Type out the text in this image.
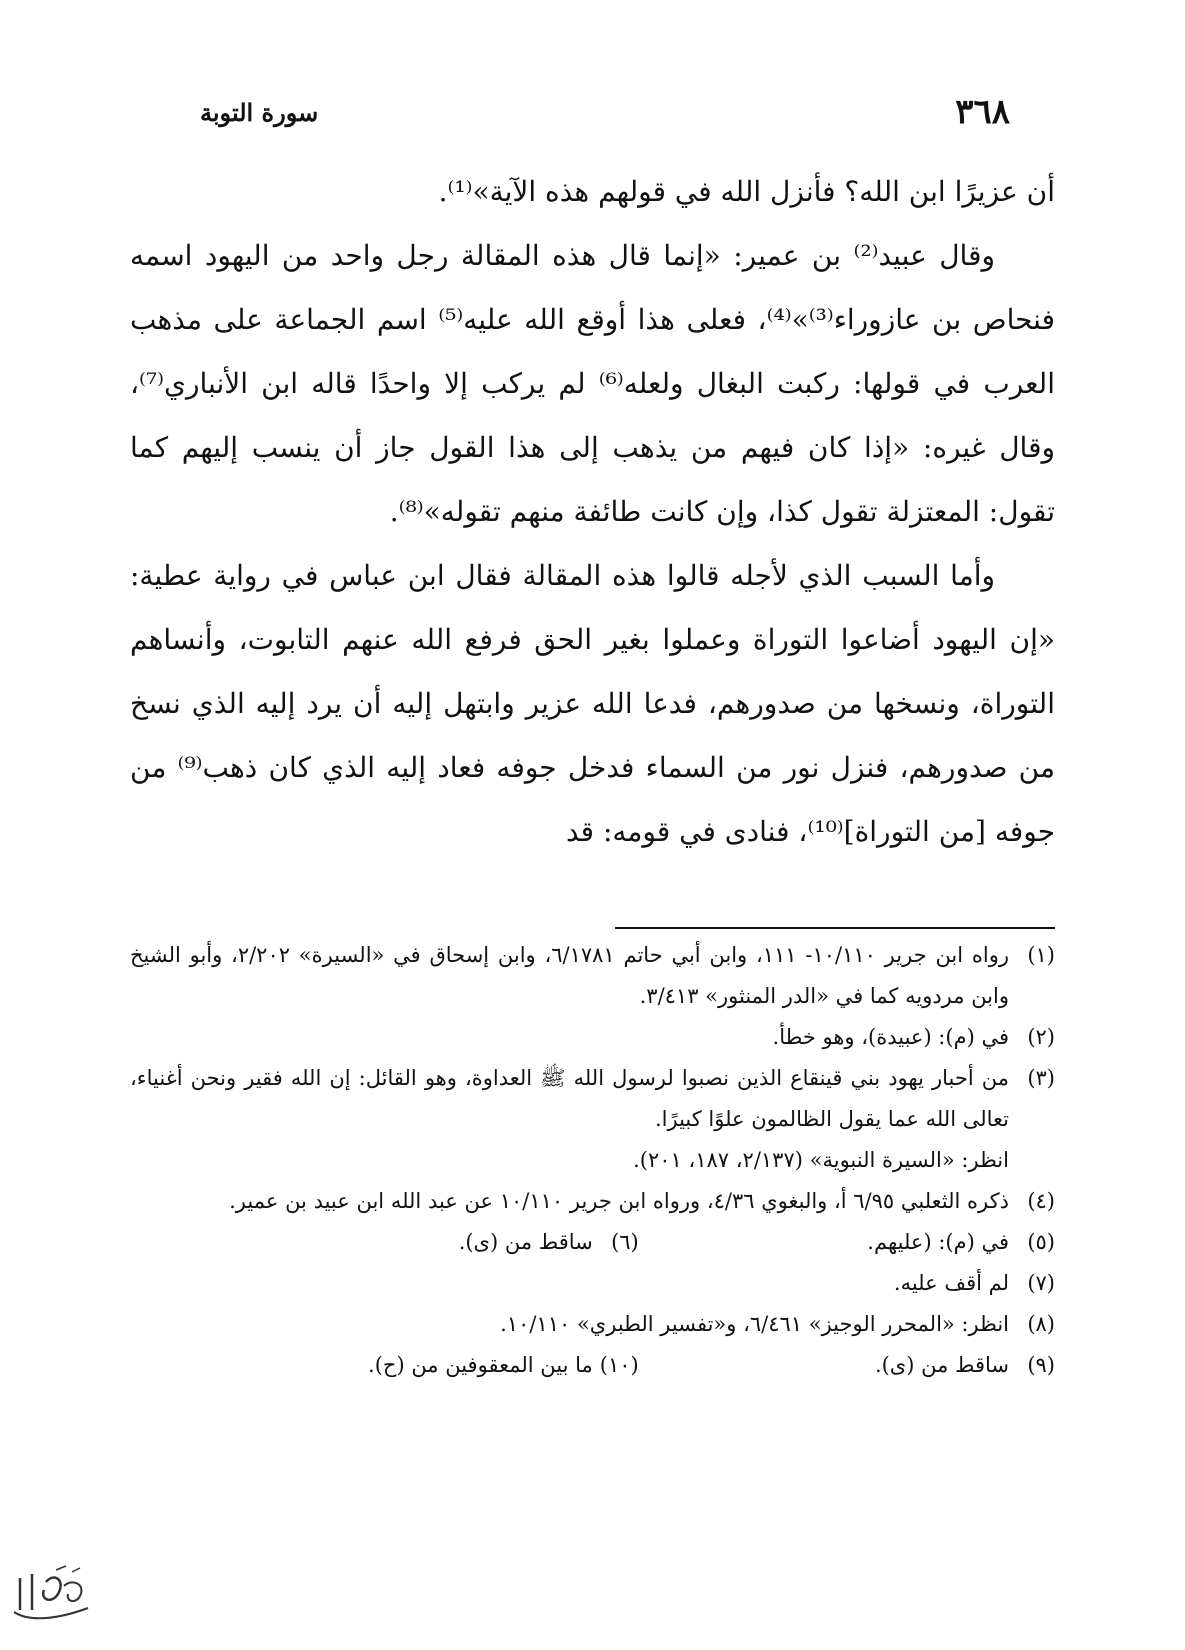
٣٦٨
سورة التوبة

أن عزيرًا ابن الله؟ فأنزل الله في قولهم هذه الآية»⁽¹⁾.

وقال عبيد⁽²⁾ بن عمير: «إنما قال هذه المقالة رجل واحد من اليهود اسمه فنحاص بن عازوراء⁽³⁾»⁽⁴⁾، فعلى هذا أوقع الله عليه⁽⁵⁾ اسم الجماعة على مذهب العرب في قولها: ركبت البغال ولعله⁽⁶⁾ لم يركب إلا واحدًا قاله ابن الأنباري⁽⁷⁾، وقال غيره: «إذا كان فيهم من يذهب إلى هذا القول جاز أن ينسب إليهم كما تقول: المعتزلة تقول كذا، وإن كانت طائفة منهم تقوله»⁽⁸⁾.

وأما السبب الذي لأجله قالوا هذه المقالة فقال ابن عباس في رواية عطية: «إن اليهود أضاعوا التوراة وعملوا بغير الحق فرفع الله عنهم التابوت، وأنساهم التوراة، ونسخها من صدورهم، فدعا الله عزير وابتهل إليه أن يرد إليه الذي نسخ من صدورهم، فنزل نور من السماء فدخل جوفه فعاد إليه الذي كان ذهب⁽⁹⁾ من جوفه [من التوراة]⁽¹⁰⁾، فنادى في قومه: قد

(١)

رواه ابن جرير ١٠/١١٠- ١١١، وابن أبي حاتم ٦/١٧٨١، وابن إسحاق في «السيرة» ٢/٢٠٢، وأبو الشيخ وابن مردويه كما في «الدر المنثور» ٣/٤١٣.

(٢)

في (م): (عبيدة)، وهو خطأ.

(٣)

من أحبار يهود بني قينقاع الذين نصبوا لرسول الله ﷺ العداوة، وهو القائل: إن الله فقير ونحن أغنياء، تعالى الله عما يقول الظالمون علوًا كبيرًا.

انظر: «السيرة النبوية» (٢/١٣٧، ١٨٧، ٢٠١).

(٤)

ذكره الثعلبي ٦/٩٥ أ، والبغوي ٤/٣٦، ورواه ابن جرير ١٠/١١٠ عن عبد الله ابن عبيد بن عمير.

(٥)
في (م): (عليهم.
(٦)
ساقط من (ى).
(٧)

لم أقف عليه.

(٨)

انظر: «المحرر الوجيز» ٦/٤٦١، و«تفسير الطبري» ١٠/١١٠.

(٩)
ساقط من (ى).
(١٠)
ما بين المعقوفين من (ح).
